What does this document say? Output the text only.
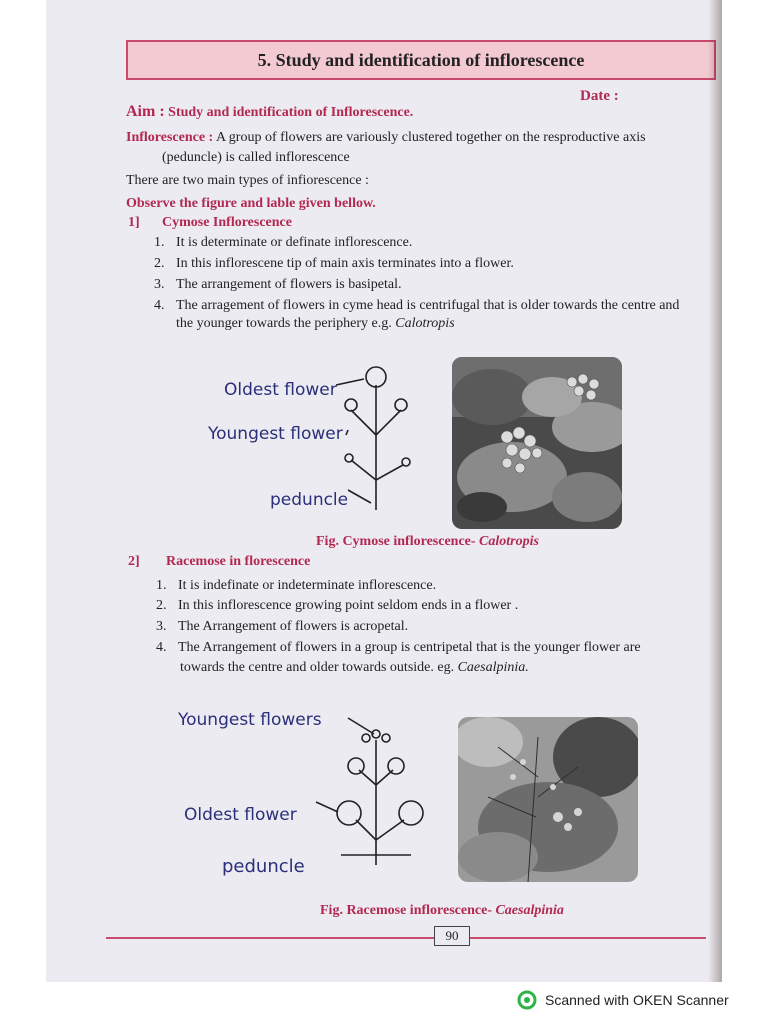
5. Study and identification of inflorescence
Date :
Aim : Study and identification of Inflorescence.
Inflorescence : A group of flowers are variously clustered together on the resproductive axis
(peduncle) is called inflorescence
There are two main types of infiorescence :
Observe the figure and lable given bellow.
1] Cymose Inflorescence
1. It is determinate or definate inflorescence.
2. In this inflorescene tip of main axis terminates into a flower.
3. The arrangement of flowers is basipetal.
4. The arragement of flowers in cyme head is centrifugal that is older towards the centre and
the younger towards the periphery e.g. Calotropis
Oldest flower
Youngest flower
peduncle
Fig. Cymose inflorescence- Calotropis
2] Racemose in florescence
1. It is indefinate or indeterminate inflorescence.
2. In this inflorescence growing point seldom ends in a flower .
3. The Arrangement of flowers is acropetal.
4. The Arrangement of flowers in a group is centripetal that is the younger flower are
towards the centre and older towards outside. eg. Caesalpinia.
Youngest flowers
Oldest flower
peduncle
Fig. Racemose inflorescence- Caesalpinia
90
Scanned with OKEN Scanner
